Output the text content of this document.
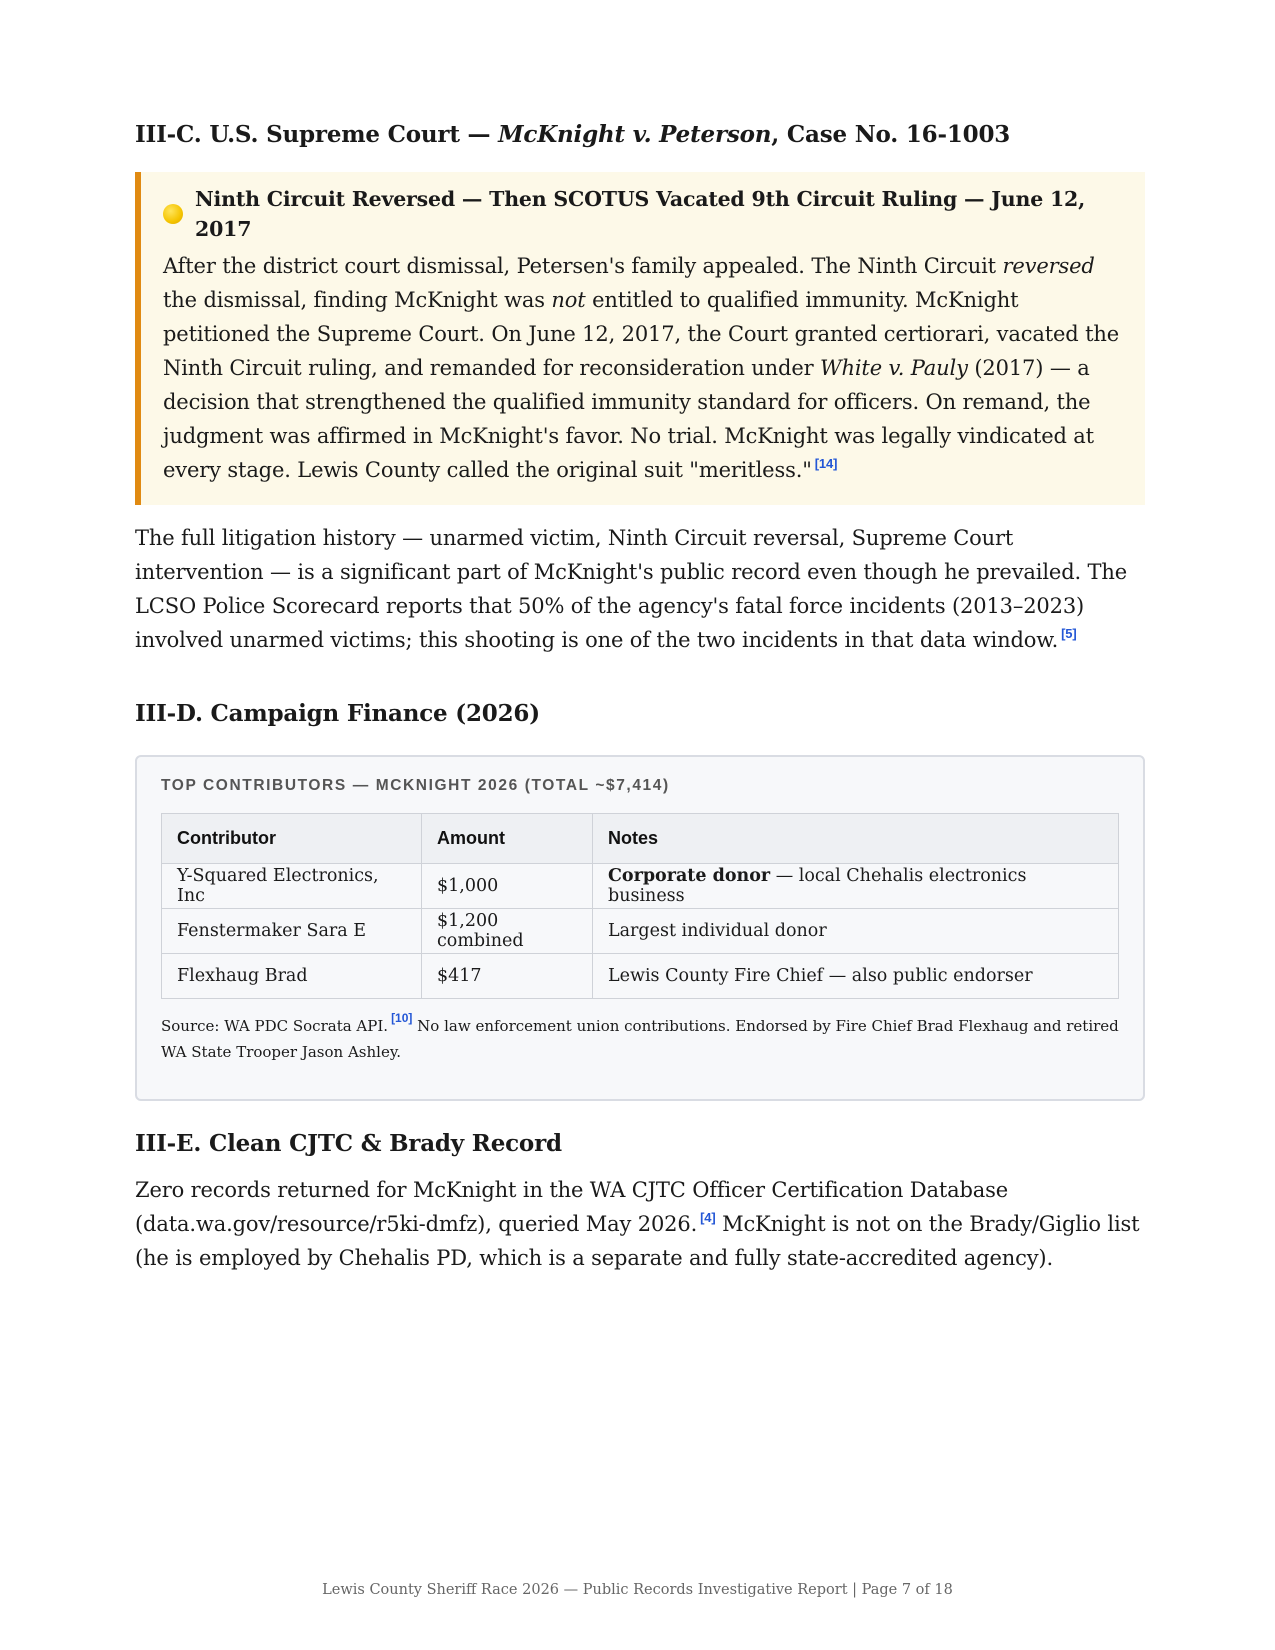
III-C. U.S. Supreme Court — McKnight v. Peterson, Case No. 16-1003
Ninth Circuit Reversed — Then SCOTUS Vacated 9th Circuit Ruling — June 12, 2017
After the district court dismissal, Petersen's family appealed. The Ninth Circuit reversed the dismissal, finding McKnight was not entitled to qualified immunity. McKnight petitioned the Supreme Court. On June 12, 2017, the Court granted certiorari, vacated the Ninth Circuit ruling, and remanded for reconsideration under White v. Pauly (2017) — a decision that strengthened the qualified immunity standard for officers. On remand, the judgment was affirmed in McKnight's favor. No trial. McKnight was legally vindicated at every stage. Lewis County called the original suit "meritless." [14]

The full litigation history — unarmed victim, Ninth Circuit reversal, Supreme Court intervention — is a significant part of McKnight's public record even though he prevailed. The LCSO Police Scorecard reports that 50% of the agency's fatal force incidents (2013–2023) involved unarmed victims; this shooting is one of the two incidents in that data window. [5]

III-D. Campaign Finance (2026)
TOP CONTRIBUTORS — MCKNIGHT 2026 (TOTAL ~$7,414)
Contributor	Amount	Notes
Y-Squared Electronics, Inc	$1,000	Corporate donor — local Chehalis electronics business
Fenstermaker Sara E	$1,200 combined	Largest individual donor
Flexhaug Brad	$417	Lewis County Fire Chief — also public endorser
Source: WA PDC Socrata API. [10] No law enforcement union contributions. Endorsed by Fire Chief Brad Flexhaug and retired WA State Trooper Jason Ashley.
III-E. Clean CJTC & Brady Record

Zero records returned for McKnight in the WA CJTC Officer Certification Database (data.wa.gov/resource/r5ki-dmfz), queried May 2026. [4] McKnight is not on the Brady/Giglio list (he is employed by Chehalis PD, which is a separate and fully state-accredited agency).

Lewis County Sheriff Race 2026 — Public Records Investigative Report | Page 7 of 18
